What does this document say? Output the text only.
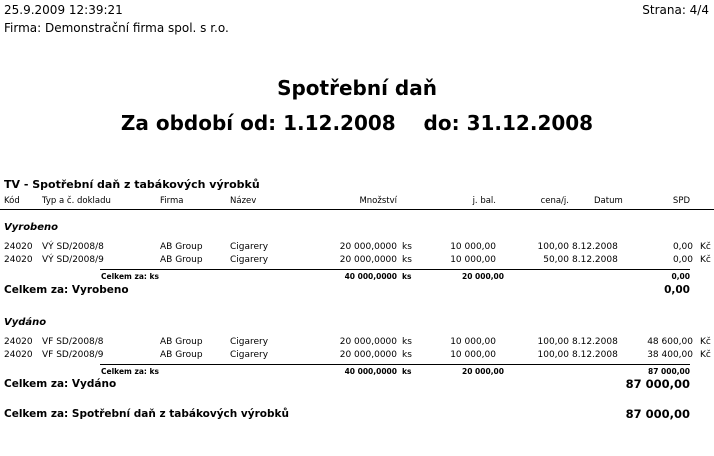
25.9.2009 12:39:21	Strana: 4/4
Firma: Demonstrační firma spol. s r.o.
Spotřební daň
Za období od: 1.12.2008    do: 31.12.2008
TV - Spotřební daň z tabákových výrobků
Kód	Typ a č. dokladu	Firma	Název	Množství	j. bal.	cena/j.	Datum	SPD
Vyrobeno
24020 VÝ SD/2008/8	AB Group	Cigarery	20 000,0000 ks	10 000,00	100,00 8.12.2008	0,00 Kč
24020 VÝ SD/2008/9	AB Group	Cigarery	20 000,0000 ks	10 000,00	50,00 8.12.2008	0,00 Kč
Celkem za: ks	40 000,0000 ks	20 000,00	0,00
Celkem za: Vyrobeno	0,00
Vydáno
24020 VF SD/2008/8	AB Group	Cigarery	20 000,0000 ks	10 000,00	100,00 8.12.2008	48 600,00 Kč
24020 VF SD/2008/9	AB Group	Cigarery	20 000,0000 ks	10 000,00	100,00 8.12.2008	38 400,00 Kč
Celkem za: ks	40 000,0000 ks	20 000,00	87 000,00
Celkem za: Vydáno	87 000,00
Celkem za: Spotřební daň z tabákových výrobků	87 000,00
